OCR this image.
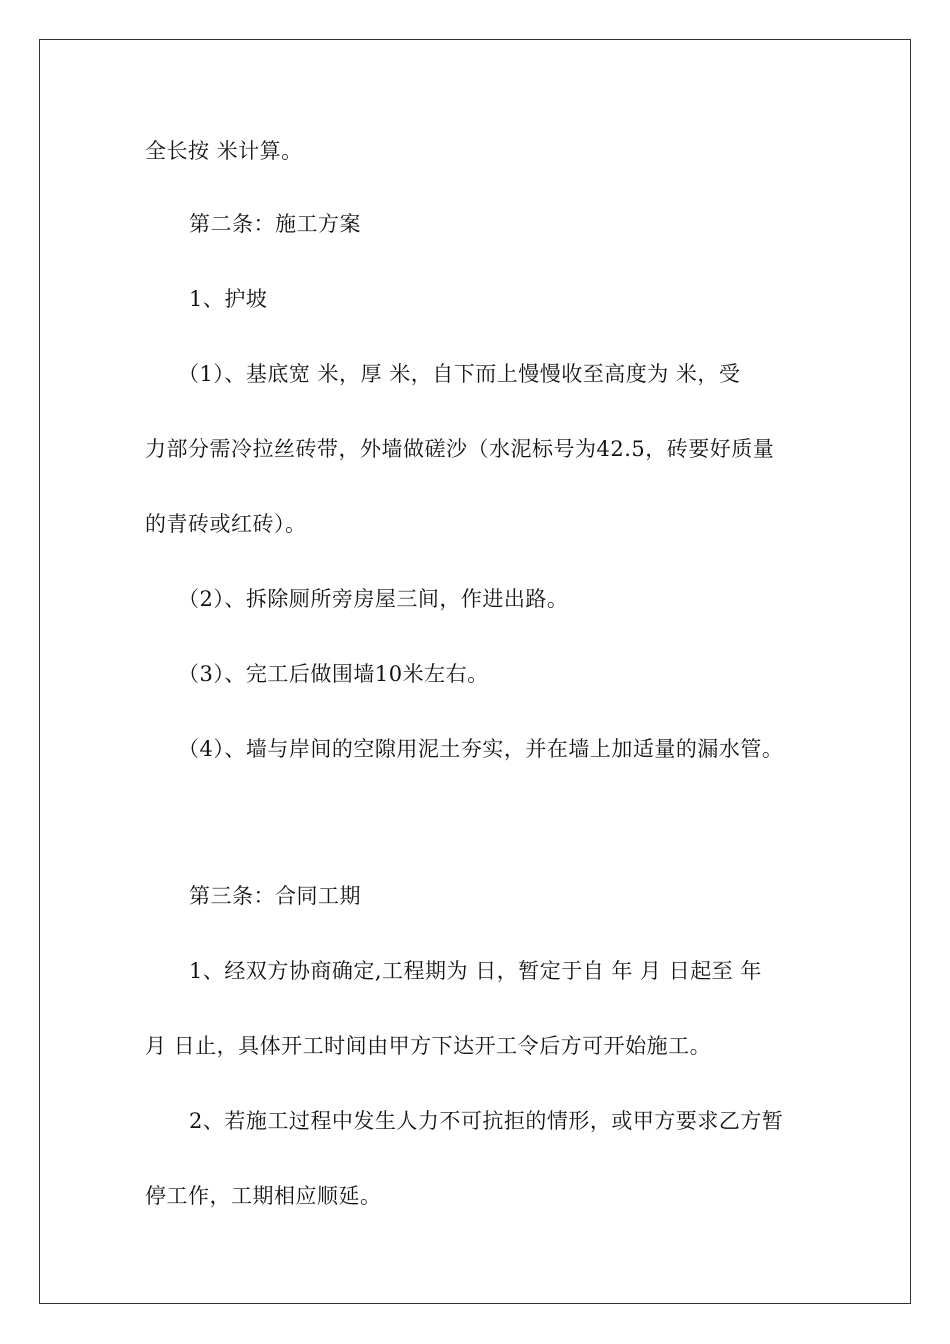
全长按 米计算。
第二条：施工方案
1、护坡
（1）、基底宽 米，厚 米，自下而上慢慢收至高度为 米，受
力部分需冷拉丝砖带，外墙做磋沙（水泥标号为42.5，砖要好质量
的青砖或红砖）。
（2）、拆除厕所旁房屋三间，作进出路。
（3）、完工后做围墙10米左右。
（4）、墙与岸间的空隙用泥土夯实，并在墙上加适量的漏水管。
第三条：合同工期
1、经双方协商确定,工程期为 日，暂定于自 年 月 日起至 年
月 日止，具体开工时间由甲方下达开工令后方可开始施工。
2、若施工过程中发生人力不可抗拒的情形，或甲方要求乙方暂
停工作，工期相应顺延。
